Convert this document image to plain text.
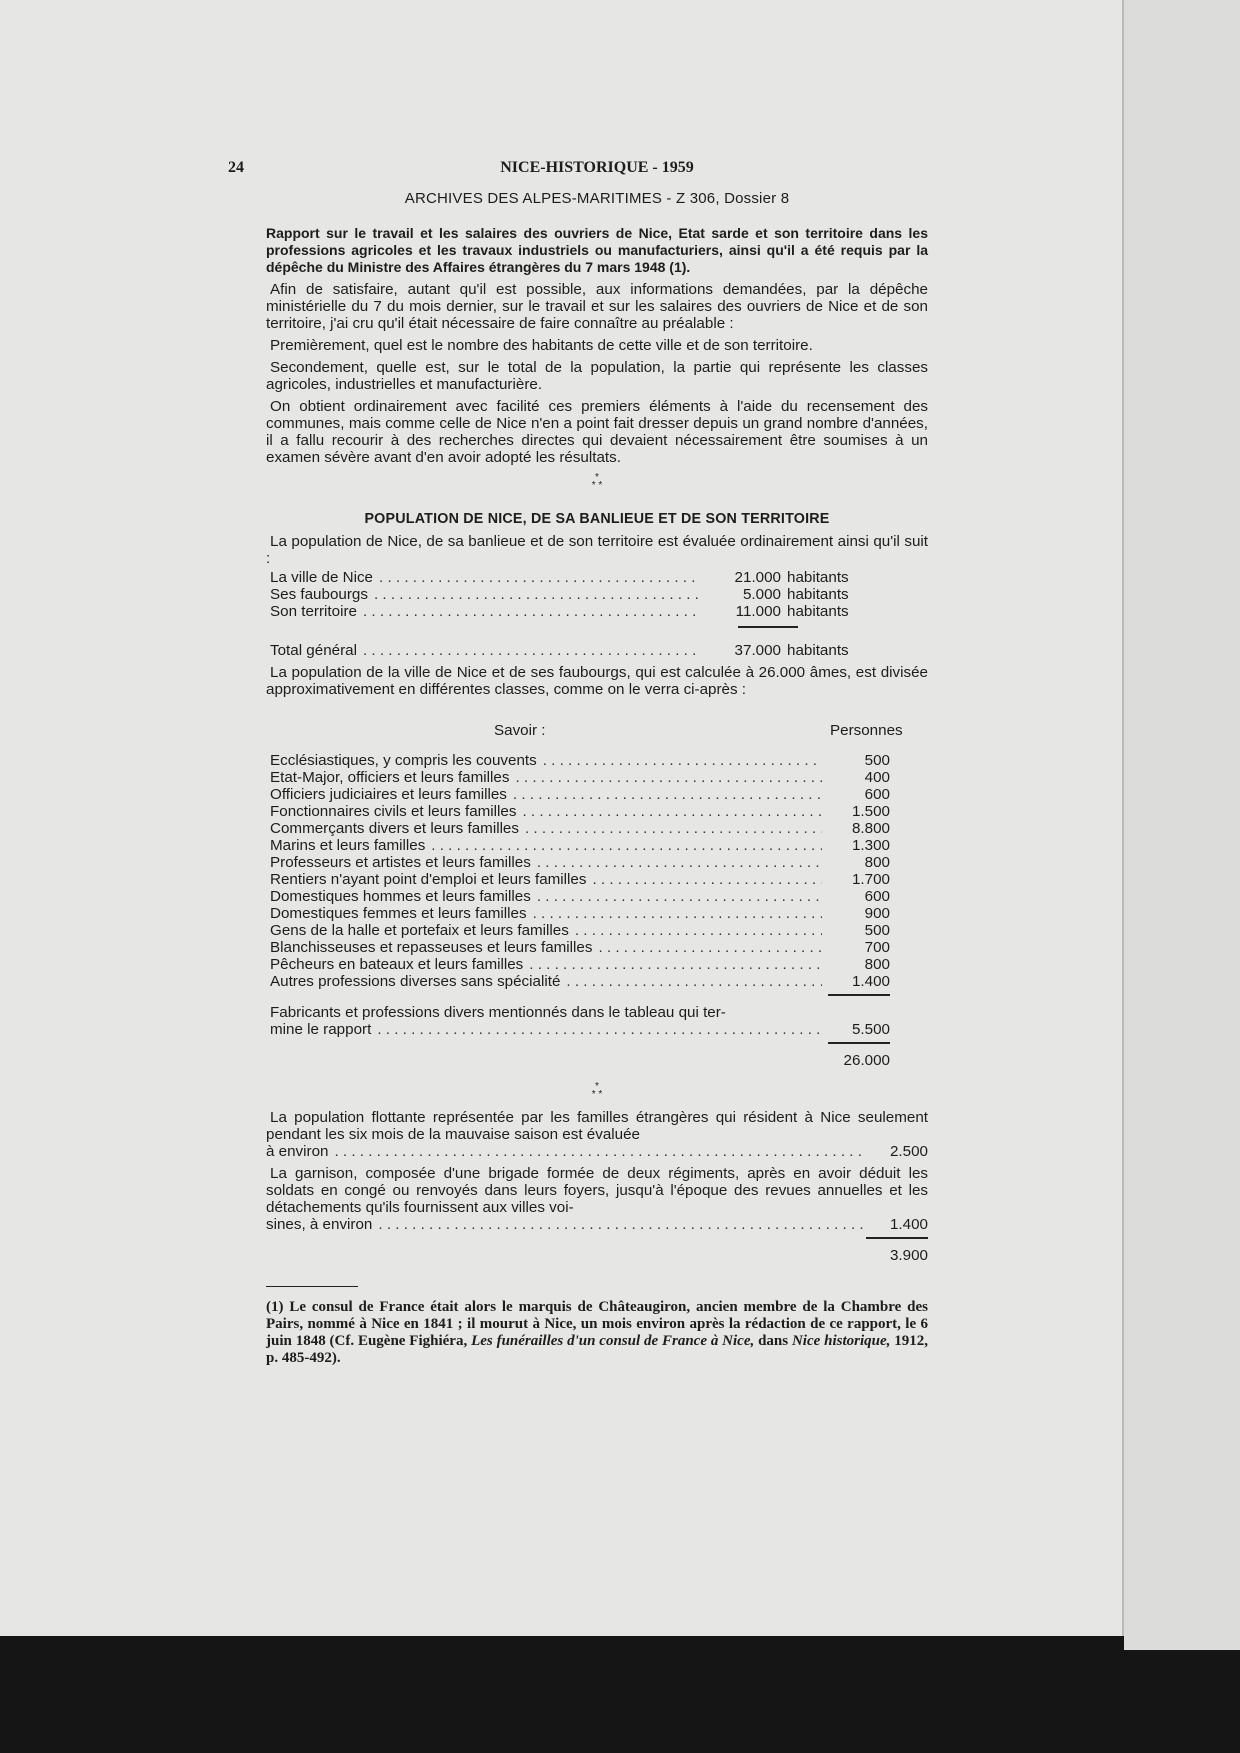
24	NICE-HISTORIQUE - 1959
ARCHIVES DES ALPES-MARITIMES - Z 306, Dossier 8
Rapport sur le travail et les salaires des ouvriers de Nice, Etat sarde et son territoire dans les professions agricoles et les travaux industriels ou manufacturiers, ainsi qu'il a été requis par la dépêche du Ministre des Affaires étrangères du 7 mars 1948 (1).

Afin de satisfaire, autant qu'il est possible, aux informations demandées, par la dépêche ministérielle du 7 du mois dernier, sur le travail et sur les salaires des ouvriers de Nice et de son territoire, j'ai cru qu'il était nécessaire de faire connaître au préalable :

Premièrement, quel est le nombre des habitants de cette ville et de son territoire.

Secondement, quelle est, sur le total de la population, la partie qui représente les classes agricoles, industrielles et manufacturière.

On obtient ordinairement avec facilité ces premiers éléments à l'aide du recensement des communes, mais comme celle de Nice n'en a point fait dresser depuis un grand nombre d'années, il a fallu recourir à des recherches directes qui devaient nécessairement être soumises à un examen sévère avant d'en avoir adopté les résultats.

*
* *
POPULATION DE NICE, DE SA BANLIEUE ET DE SON TERRITOIRE

La population de Nice, de sa banlieue et de son territoire est évaluée ordinairement ainsi qu'il suit :

La ville de Nice . . .	21.000 habitants
Ses faubourgs . . .	5.000 habitants
Son territoire . . .	11.000 habitants
Total général . . .	37.000 habitants

La population de la ville de Nice et de ses faubourgs, qui est calculée à 26.000 âmes, est divisée approximativement en différentes classes, comme on le verra ci-après :

Savoir :	Personnes
Ecclésiastiques, y compris les couvents . . .	500
Etat-Major, officiers et leurs familles . . .	400
Officiers judiciaires et leurs familles . . .	600
Fonctionnaires civils et leurs familles . . .	1.500
Commerçants divers et leurs familles . . .	8.800
Marins et leurs familles . . .	1.300
Professeurs et artistes et leurs familles . . .	800
Rentiers n'ayant point d'emploi et leurs familles . . .	1.700
Domestiques hommes et leurs familles . . .	600
Domestiques femmes et leurs familles . . .	900
Gens de la halle et portefaix et leurs familles . . .	500
Blanchisseuses et repasseuses et leurs familles . . .	700
Pêcheurs en bateaux et leurs familles . . .	800
Autres professions diverses sans spécialité . . .	1.400
Fabricants et professions divers mentionnés dans le tableau qui ter-
mine le rapport . . .	5.500
26.000
*
* *

La population flottante représentée par les familles étrangères qui résident à Nice seulement pendant les six mois de la mauvaise saison est évaluée

à environ . . .	2.500

La garnison, composée d'une brigade formée de deux régiments, après en avoir déduit les soldats en congé ou renvoyés dans leurs foyers, jusqu'à l'époque des revues annuelles et les détachements qu'ils fournissent aux villes voi-

sines, à environ . . .	1.400
3.900
(1) Le consul de France était alors le marquis de Châteaugiron, ancien membre de la Chambre des Pairs, nommé à Nice en 1841 ; il mourut à Nice, un mois environ après la rédaction de ce rapport, le 6 juin 1848 (Cf. Eugène Fighiéra, Les funérailles d'un consul de France à Nice, dans Nice historique, 1912, p. 485-492).
